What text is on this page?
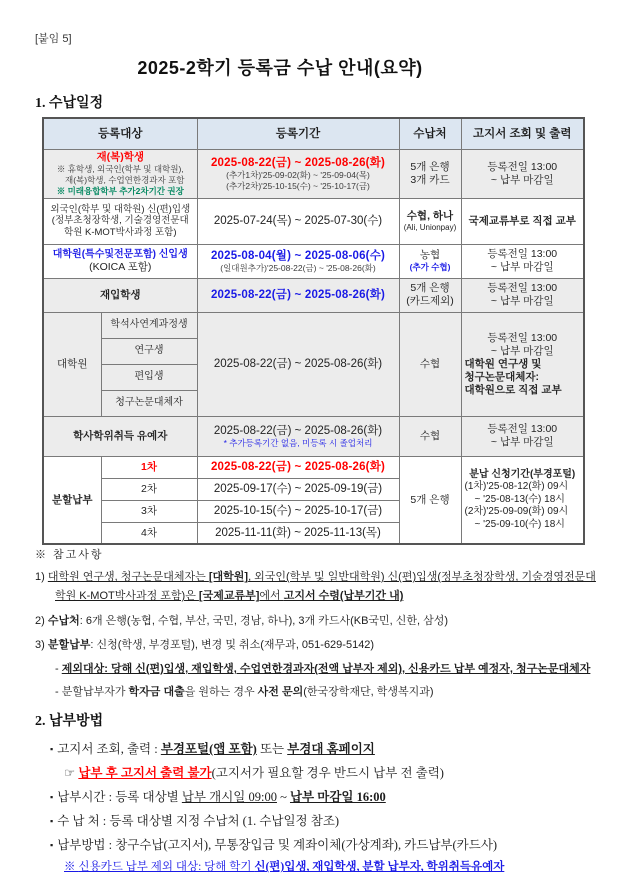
[붙임 5]
2025-2학기 등록금 수납 안내(요약)
1. 수납일정
등록대상		등록기간	수납처	고지서 조회 및 출력

재(복)학생
※ 휴학생, 외국인(학부 및 대학원),
재(복)학생, 수업연한경과자 포함
※ 미래융합학부 추가2차기간 권장		2025-08-22(금) ~ 2025-08-26(화)
(추가1차)'25-09-02(화) ~ '25-09-04(목)
(추가2차)'25-10-15(수) ~ '25-10-17(금)	5개 은행
3개 카드	등록전일 13:00
~ 납부 마감일

외국인(학부 및 대학원) 신(편)입생
(정부초청장학생, 기술경영전문대
학원 K-MOT박사과정 포함)		2025-07-24(목) ~ 2025-07-30(수)	수협, 하나
(Ali, Unionpay)	국제교류부로 직접 교부

대학원(특수및전문포함) 신입생
(KOICA 포함)		2025-08-04(월) ~ 2025-08-06(수)
(일대원추가)'25-08-22(금) ~ '25-08-26(화)	농협
(추가 수협)	등록전일 13:00
~ 납부 마감일

재입학생		2025-08-22(금) ~ 2025-08-26(화)	5개 은행
(카드제외)	등록전일 13:00
~ 납부 마감일

대학원	학석사연계과정생	2025-08-22(금) ~ 2025-08-26(화)	수협	등록전일 13:00
~ 납부 마감일
대학원 연구생 및
청구논문대체자:
대학원으로 직접 교부

	연구생			
	편입생			
	청구논문대체자			
학사학위취득 유예자		2025-08-22(금) ~ 2025-08-26(화)
* 추가등록기간 없음, 미등록 시 졸업처리	수협	등록전일 13:00
~ 납부 마감일

분할납부	1차	2025-08-22(금) ~ 2025-08-26(화)	5개 은행	분납 신청기간(부경포털)
(1차)'25-08-12(화) 09시
~ '25-08-13(수) 18시
(2차)'25-09-09(화) 09시
~ '25-09-10(수) 18시

	2차	2025-09-17(수) ~ 2025-09-19(금)		

	3차	2025-10-15(수) ~ 2025-10-17(금)		

	4차	2025-11-11(화) ~ 2025-11-13(목)		
※ 참고사항
1) 대학원 연구생, 청구논문대체자는 [대학원], 외국인(학부 및 일반대학원) 신(편)입생(정부초청장학생, 기술경영전문대학원 K-MOT박사과정 포함)은 [국제교류부]에서 고지서 수령(납부기간 내)
2) 수납처: 6개 은행(농협, 수협, 부산, 국민, 경남, 하나), 3개 카드사(KB국민, 신한, 삼성)
3) 분할납부: 신청(학생, 부경포털), 변경 및 취소(재무과, 051-629-5142)
- 제외대상: 당해 신(편)입생, 재입학생, 수업연한경과자(전액 납부자 제외), 신용카드 납부 예정자, 청구논문대체자
- 분할납부자가 학자금 대출을 원하는 경우 사전 문의(한국장학재단, 학생복지과)
2. 납부방법
▪ 고지서 조회, 출력 : 부경포털(앱 포함) 또는 부경대 홈페이지
☞ 납부 후 고지서 출력 불가(고지서가 필요할 경우 반드시 납부 전 출력)
▪ 납부시간 : 등록 대상별 납부 개시일 09:00 ~ 납부 마감일 16:00
▪ 수 납 처 : 등록 대상별 지정 수납처 (1. 수납일정 참조)
▪ 납부방법 : 창구수납(고지서), 무통장입금 및 계좌이체(가상계좌), 카드납부(카드사)
※ 신용카드 납부 제외 대상: 당해 학기 신(편)입생, 재입학생, 분할 납부자, 학위취득유예자
